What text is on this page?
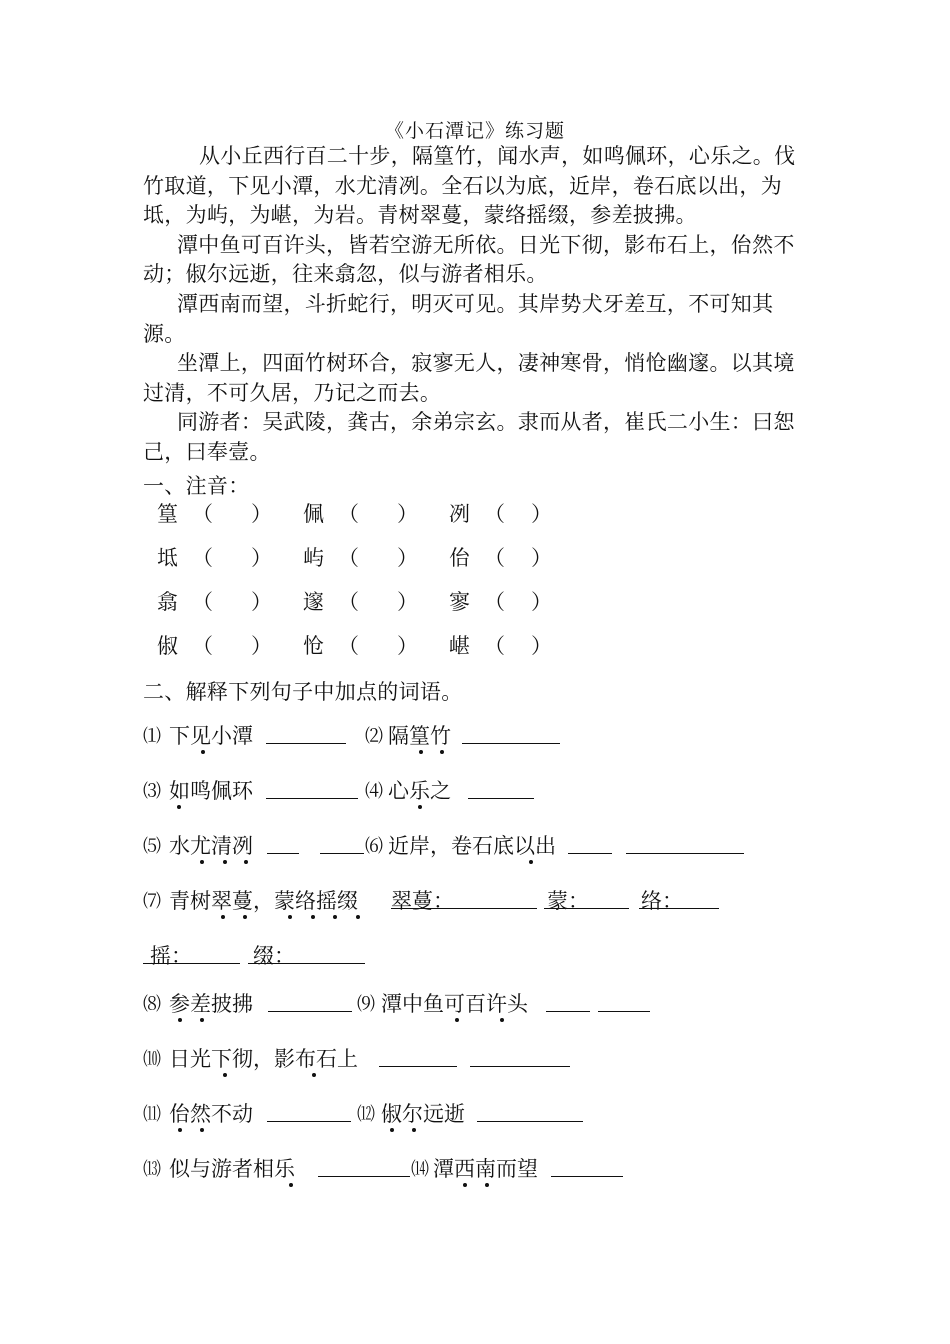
《小石潭记》练习题

从小丘西行百二十步，隔篁竹，闻水声，如鸣佩环，心乐之。伐竹取道，下见小潭，水尤清冽。全石以为底，近岸，卷石底以出，为坻，为屿，为嵁，为岩。青树翠蔓，蒙络摇缀，参差披拂。

潭中鱼可百许头，皆若空游无所依。日光下彻，影布石上，佁然不动；俶尔远逝，往来翕忽，似与游者相乐。

潭西南而望，斗折蛇行，明灭可见。其岸势犬牙差互，不可知其源。

坐潭上，四面竹树环合，寂寥无人，凄神寒骨，悄怆幽邃。以其境过清，不可久居，乃记之而去。

同游者：吴武陵，龚古，余弟宗玄。隶而从者，崔氏二小生：曰恕己，曰奉壹。

一、注音：
篁 （ ） 佩 （ ） 冽 （ ）
坻 （ ） 屿 （ ） 佁 （ ）
翕 （ ） 邃 （ ） 寥 （ ）
俶 （ ） 怆 （ ） 嵁 （ ）
二、解释下列句子中加点的词语。
⑴ 下见小潭	⑵ 隔篁竹
⑶ 如鸣佩环	⑷ 心乐之
⑸ 水尤清冽	⑹ 近岸，卷石底以出
⑺ 青树翠蔓，蒙络摇缀 翠蔓：	蒙： 络：
摇：	缀：
⑻ 参差披拂	⑼ 潭中鱼可百许头
⑽ 日光下彻，影布石上
⑾ 佁然不动	⑿ 俶尔远逝
⒀ 似与游者相乐	⒁ 潭西南而望
